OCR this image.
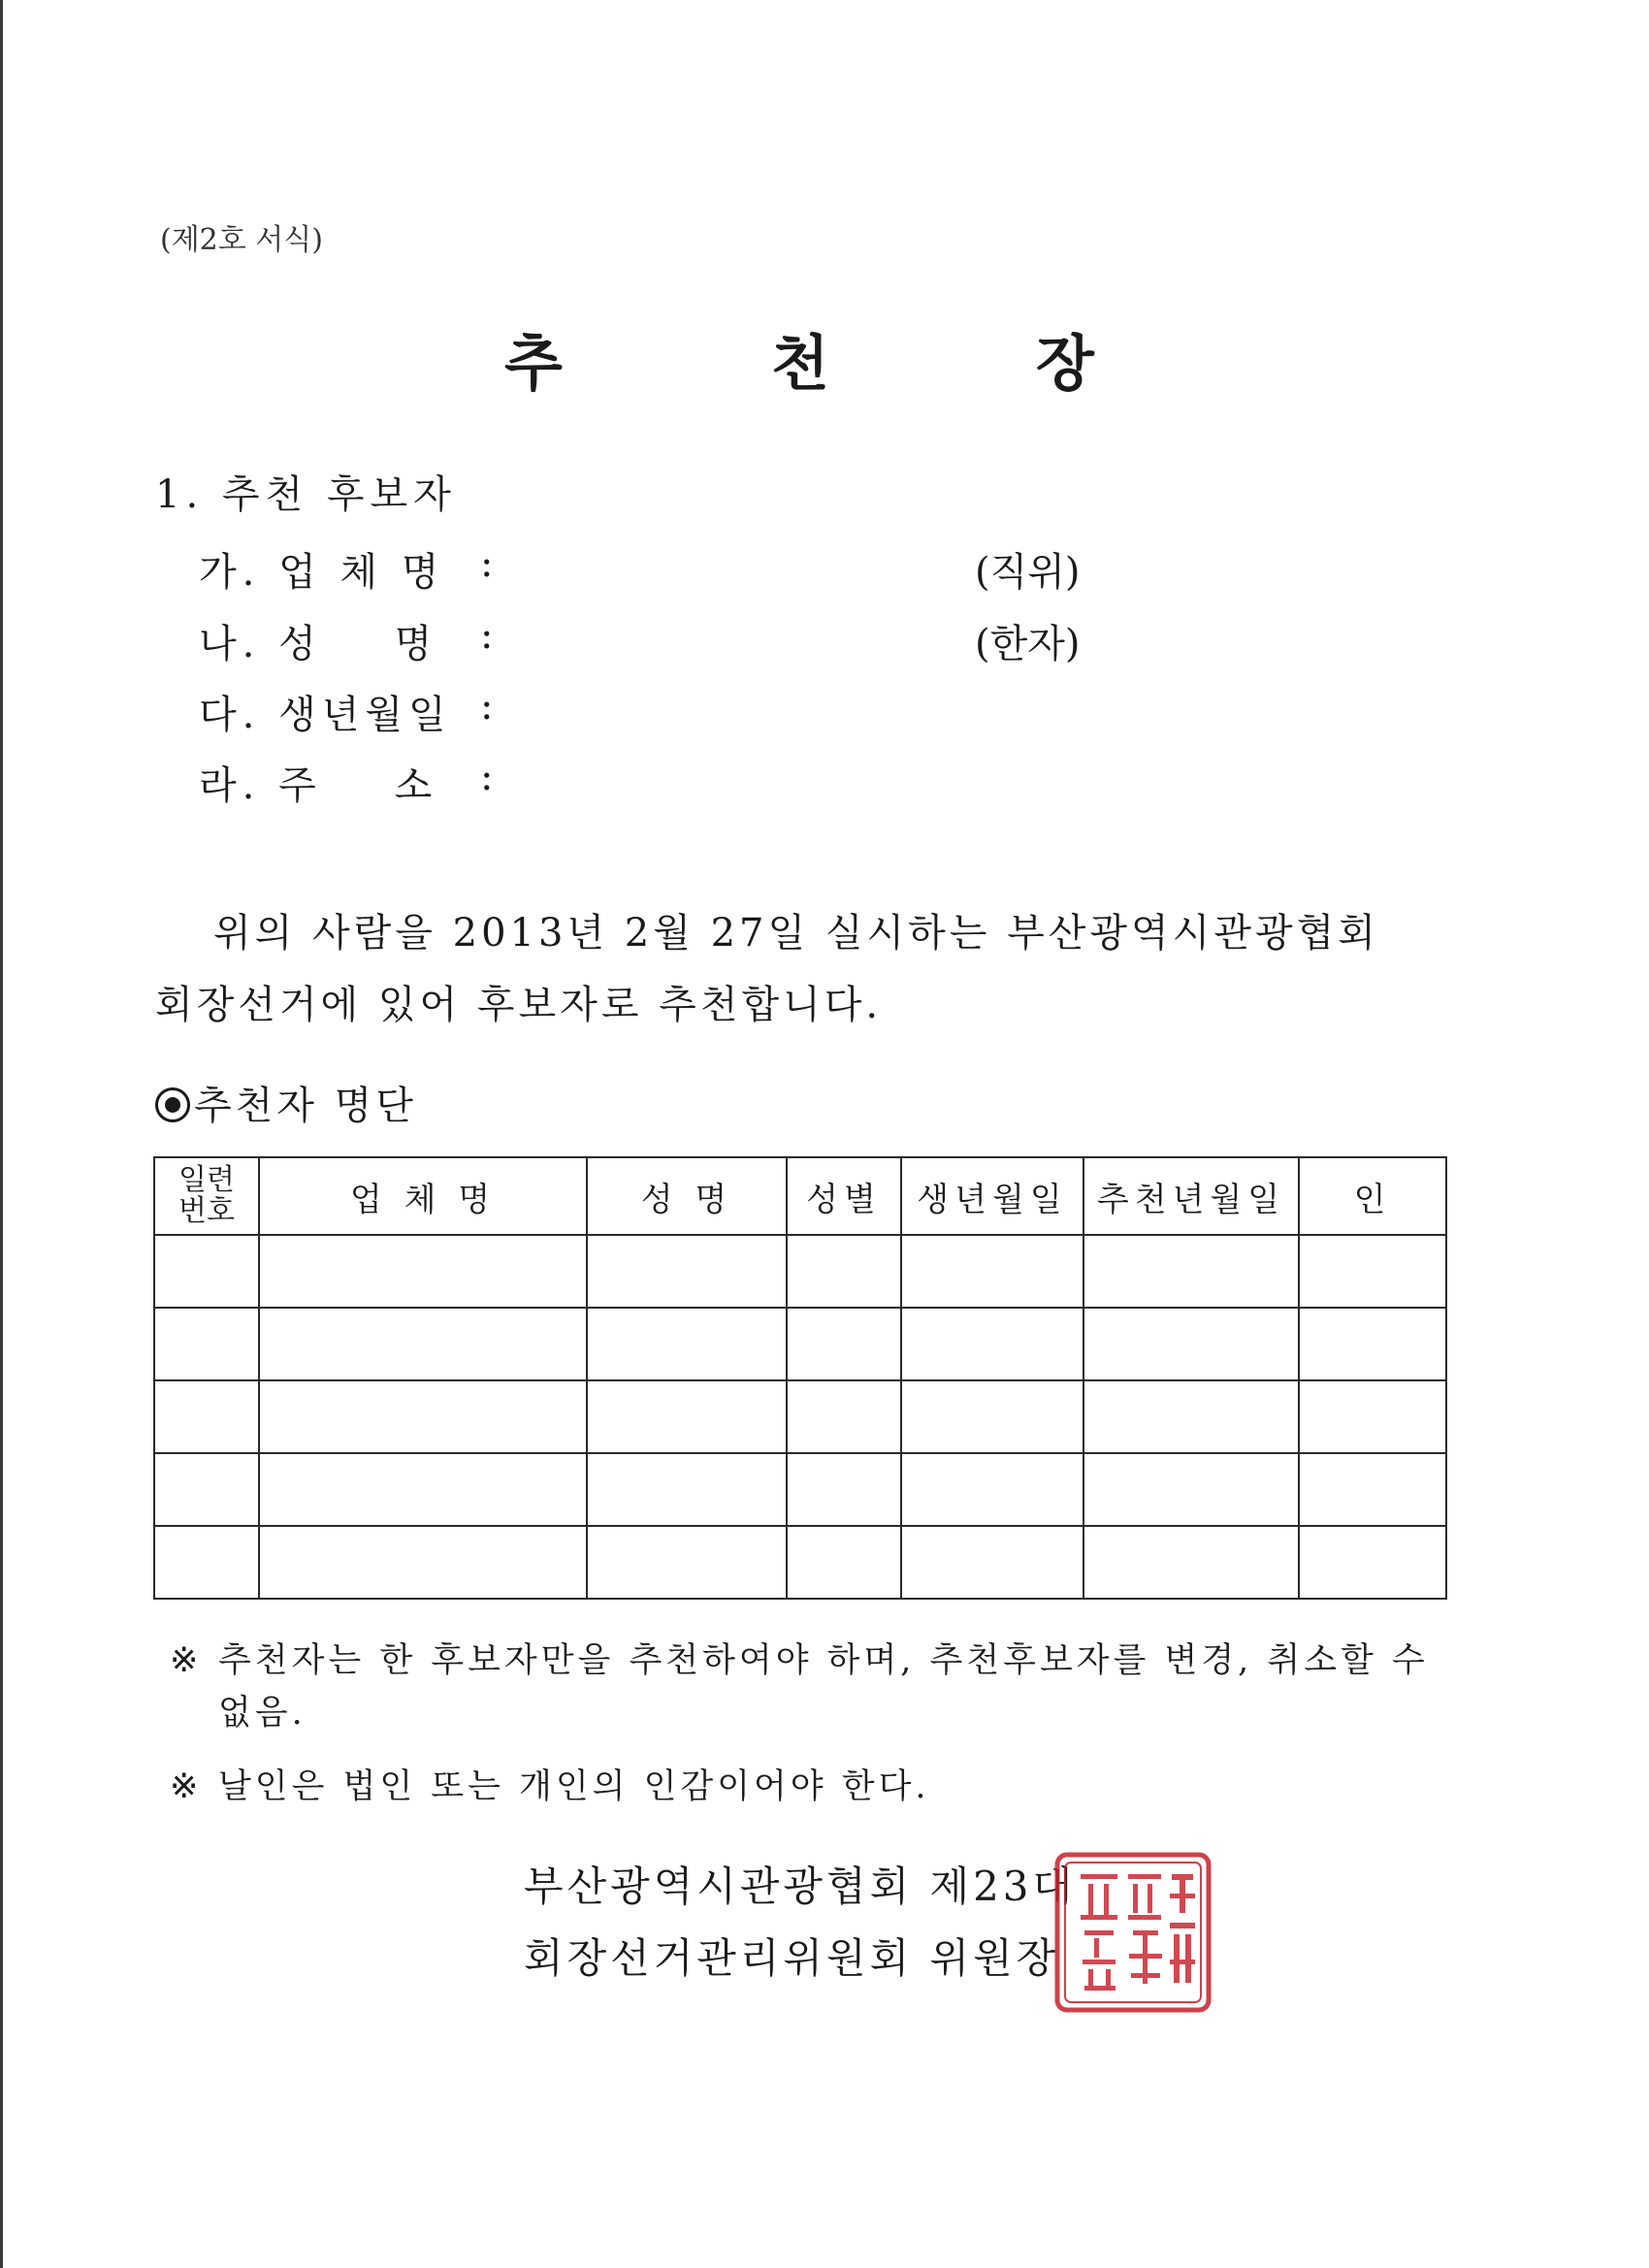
(제2호 서식)
추	천	장
1. 추천 후보자
가. 업 체 명 :	(직위)
나. 성    명 :	(한자)
다. 생년월일 :
라. 주    소 :
위의 사람을 2013년 2월 27일 실시하는 부산광역시관광협회
회장선거에 있어 후보자로 추천합니다.
추천자 명단
일련
번호	업 체 명	성 명	성별	생년월일	추천년월일	인

※ 추천자는 한 후보자만을 추천하여야 하며, 추천후보자를 변경, 취소할 수 없음.
※ 날인은 법인 또는 개인의 인감이어야 한다.
부산광역시관광협회 제23대
회장선거관리위원회 위원장
